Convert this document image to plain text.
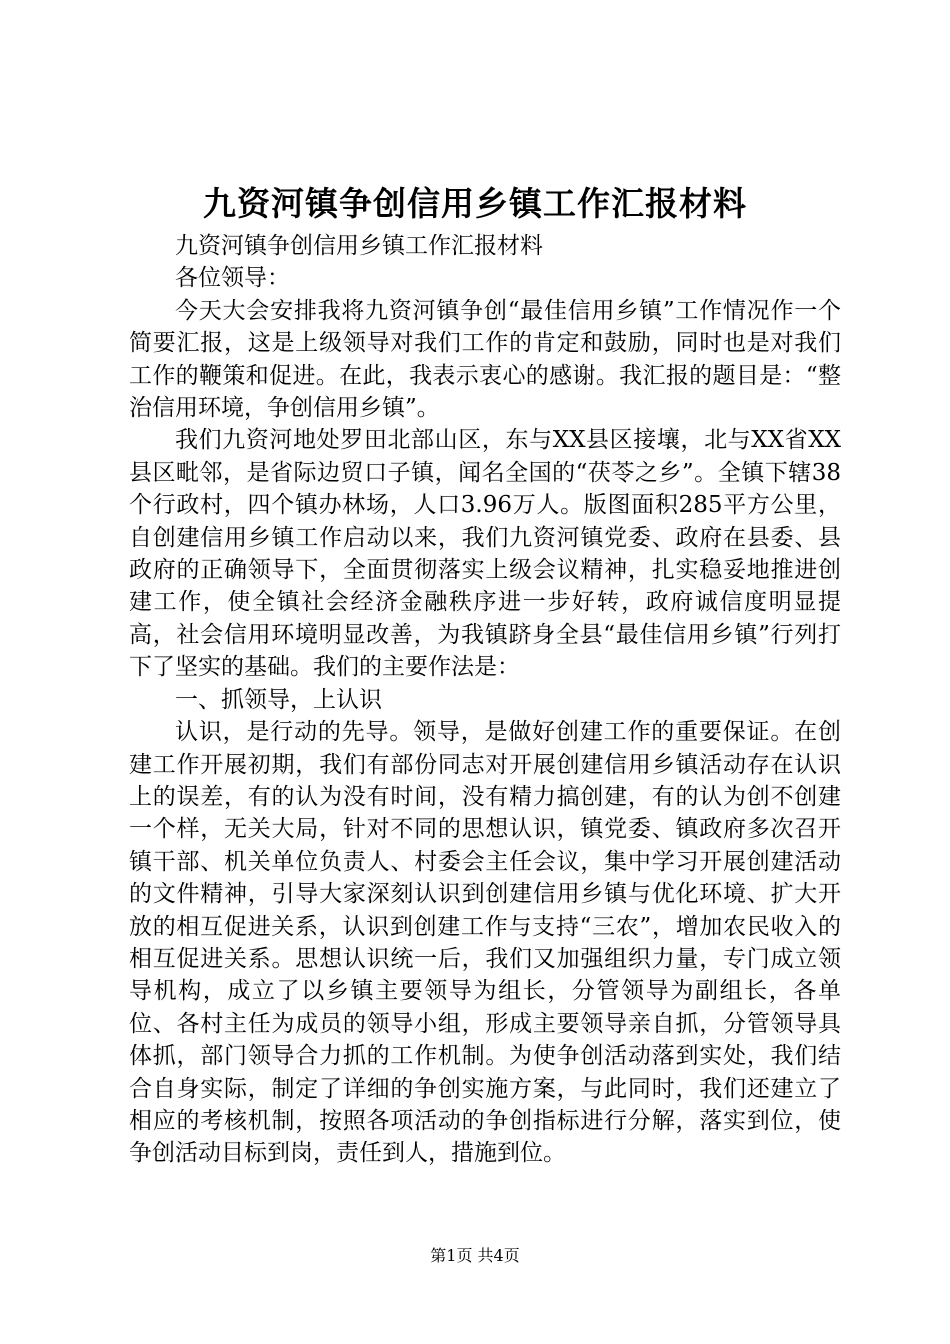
九资河镇争创信用乡镇工作汇报材料

九资河镇争创信用乡镇工作汇报材料

各位领导：

今天大会安排我将九资河镇争创“最佳信用乡镇”工作情况作一个简要汇报，这是上级领导对我们工作的肯定和鼓励，同时也是对我们工作的鞭策和促进。在此，我表示衷心的感谢。我汇报的题目是：“整治信用环境，争创信用乡镇”。

我们九资河地处罗田北部山区，东与XX县区接壤，北与XX省XX县区毗邻，是省际边贸口子镇，闻名全国的“茯苓之乡”。全镇下辖38个行政村，四个镇办林场，人口3.96万人。版图面积285平方公里，自创建信用乡镇工作启动以来，我们九资河镇党委、政府在县委、县政府的正确领导下，全面贯彻落实上级会议精神，扎实稳妥地推进创建工作，使全镇社会经济金融秩序进一步好转，政府诚信度明显提高，社会信用环境明显改善，为我镇跻身全县“最佳信用乡镇”行列打下了坚实的基础。我们的主要作法是：

一、抓领导，上认识

认识，是行动的先导。领导，是做好创建工作的重要保证。在创建工作开展初期，我们有部份同志对开展创建信用乡镇活动存在认识上的误差，有的认为没有时间，没有精力搞创建，有的认为创不创建一个样，无关大局，针对不同的思想认识，镇党委、镇政府多次召开镇干部、机关单位负责人、村委会主任会议，集中学习开展创建活动的文件精神，引导大家深刻认识到创建信用乡镇与优化环境、扩大开放的相互促进关系，认识到创建工作与支持“三农”，增加农民收入的相互促进关系。思想认识统一后，我们又加强组织力量，专门成立领导机构，成立了以乡镇主要领导为组长，分管领导为副组长，各单位、各村主任为成员的领导小组，形成主要领导亲自抓，分管领导具体抓，部门领导合力抓的工作机制。为使争创活动落到实处，我们结合自身实际，制定了详细的争创实施方案，与此同时，我们还建立了相应的考核机制，按照各项活动的争创指标进行分解，落实到位，使争创活动目标到岗，责任到人，措施到位。

第1页 共4页
